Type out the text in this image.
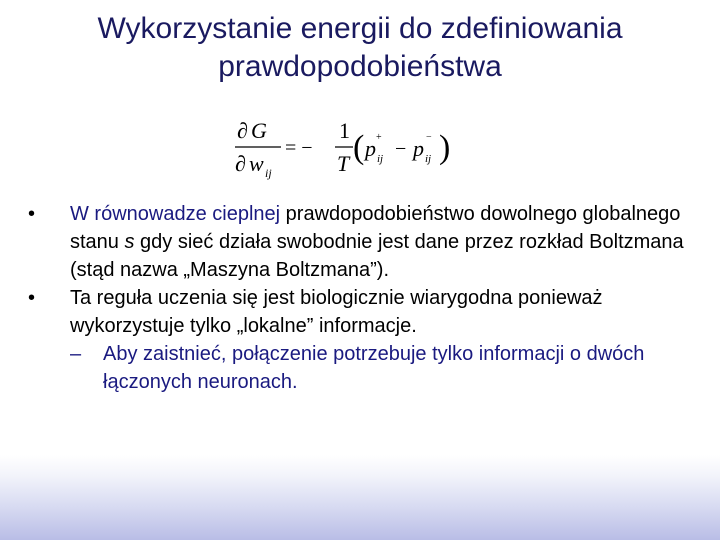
Wykorzystanie energii do zdefiniowania
prawdopodobieństwa
∂ G
∂ w ij
= −
1
T ( p +
ij − p −
ij )
• W równowadze cieplnej prawdopodobieństwo dowolnego globalnego stanu s gdy sieć działa swobodnie jest dane przez rozkład Boltzmana (stąd nazwa „Maszyna Boltzmana”).
• Ta reguła uczenia się jest biologicznie wiarygodna ponieważ wykorzystuje tylko „lokalne” informacje.
– Aby zaistnieć, połączenie potrzebuje tylko informacji o dwóch łączonych neuronach.
